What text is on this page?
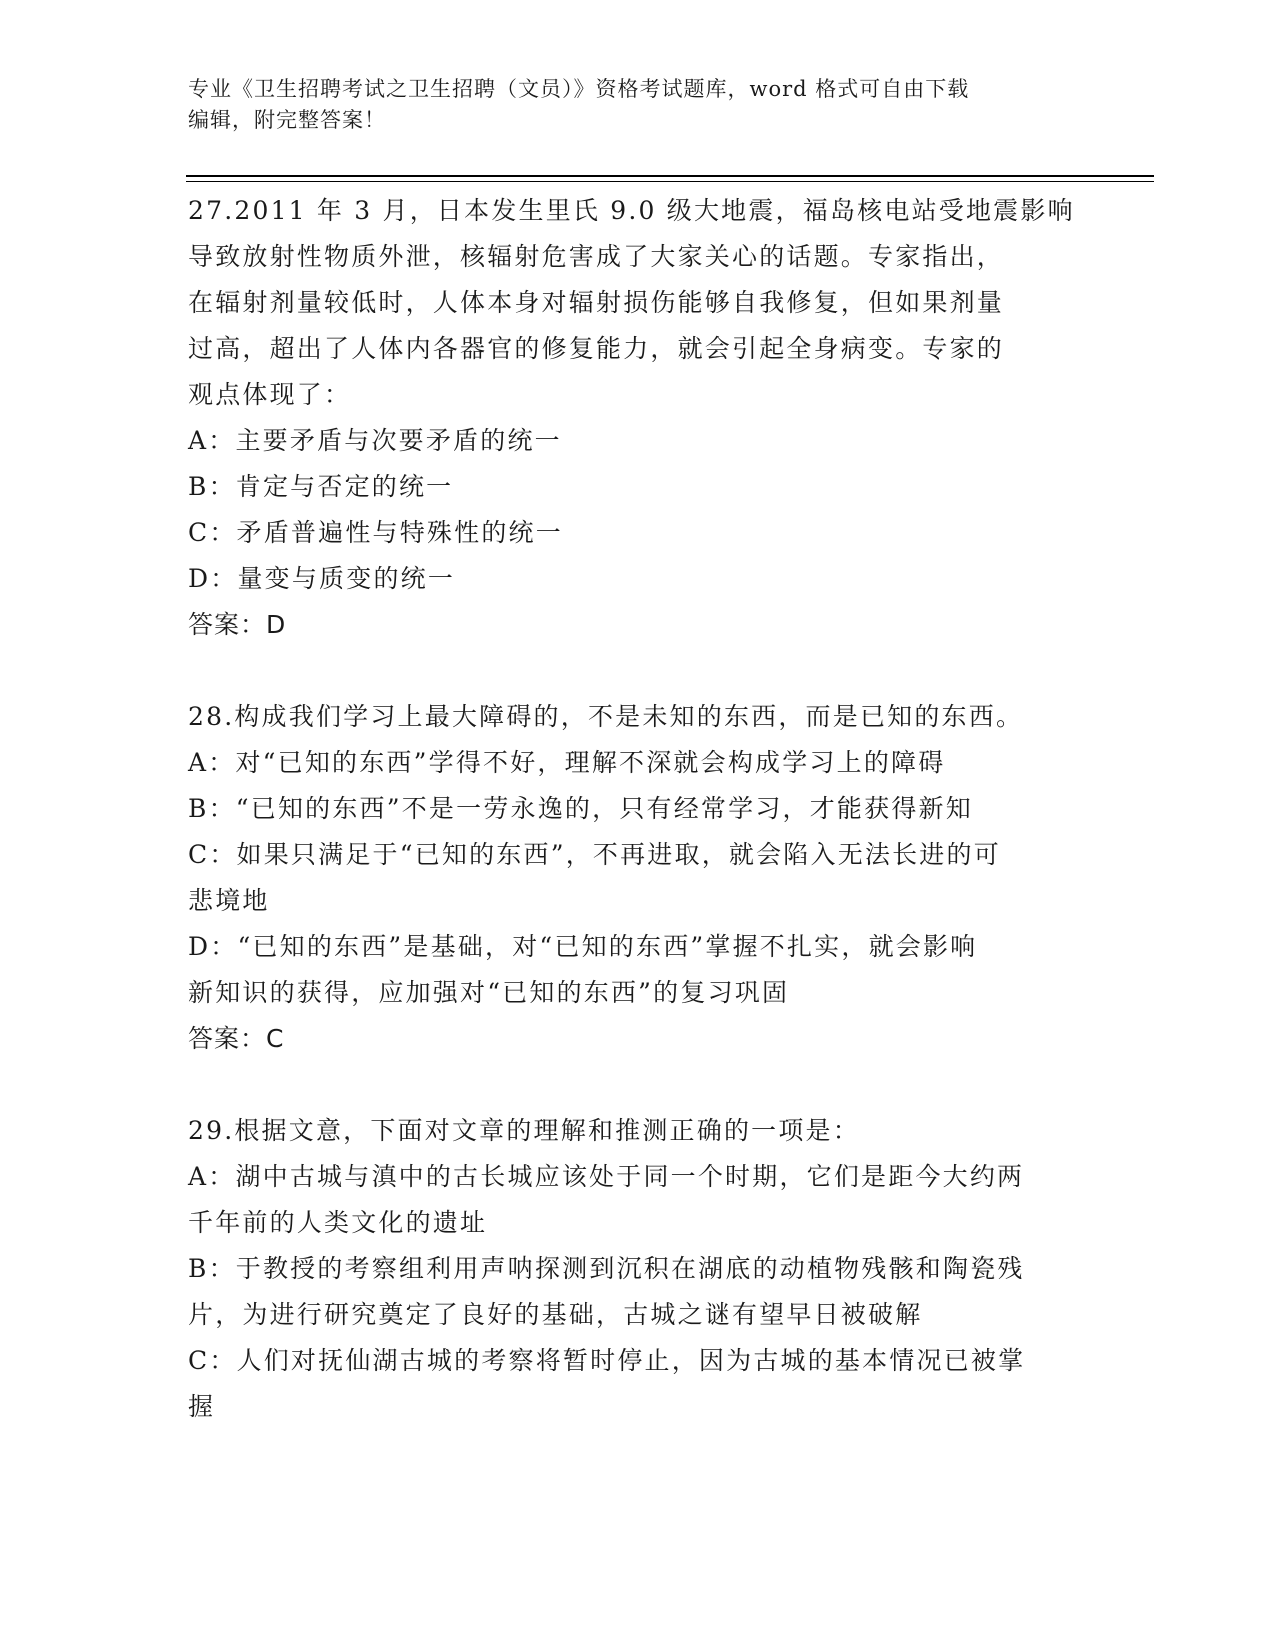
专业《卫生招聘考试之卫生招聘（文员）》资格考试题库，word 格式可自由下载
编辑，附完整答案！

27.2011 年 3 月，日本发生里氏 9.0 级大地震，福岛核电站受地震影响

导致放射性物质外泄，核辐射危害成了大家关心的话题。专家指出，

在辐射剂量较低时，人体本身对辐射损伤能够自我修复，但如果剂量

过高，超出了人体内各器官的修复能力，就会引起全身病变。专家的

观点体现了：

A：主要矛盾与次要矛盾的统一

B：肯定与否定的统一

C：矛盾普遍性与特殊性的统一

D：量变与质变的统一

答案：D

28.构成我们学习上最大障碍的，不是未知的东西，而是已知的东西。

A：对“已知的东西”学得不好，理解不深就会构成学习上的障碍

B：“已知的东西”不是一劳永逸的，只有经常学习，才能获得新知

C：如果只满足于“已知的东西”，不再进取，就会陷入无法长进的可

悲境地

D：“已知的东西”是基础，对“已知的东西”掌握不扎实，就会影响

新知识的获得，应加强对“已知的东西”的复习巩固

答案：C

29.根据文意，下面对文章的理解和推测正确的一项是：

A：湖中古城与滇中的古长城应该处于同一个时期，它们是距今大约两

千年前的人类文化的遗址

B：于教授的考察组利用声呐探测到沉积在湖底的动植物残骸和陶瓷残

片，为进行研究奠定了良好的基础，古城之谜有望早日被破解

C：人们对抚仙湖古城的考察将暂时停止，因为古城的基本情况已被掌

握
